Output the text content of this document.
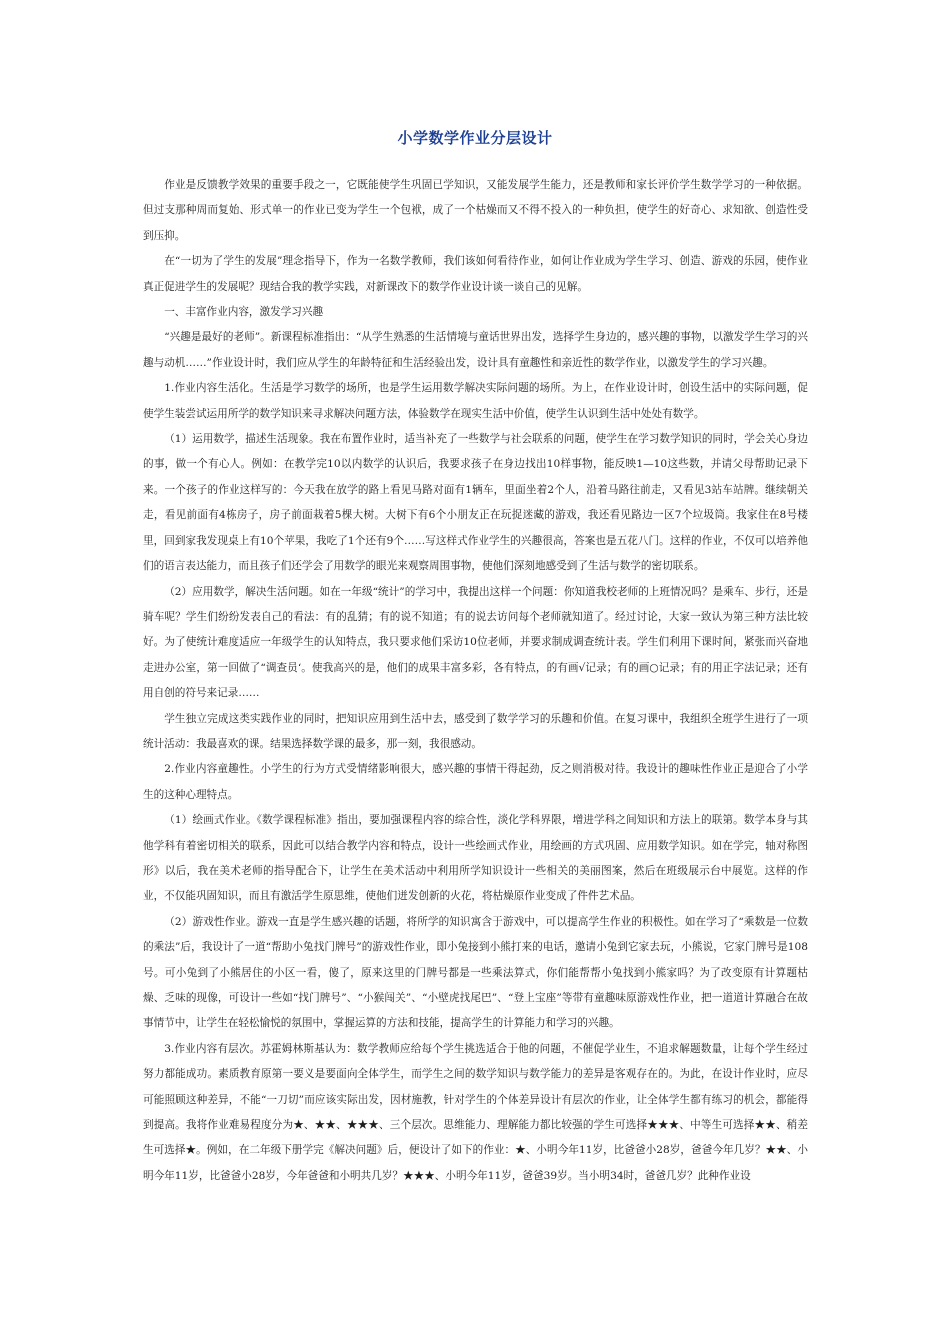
小学数学作业分层设计

作业是反馈教学效果的重要手段之一，它既能使学生巩固已学知识，又能发展学生能力，还是教师和家长评价学生数学学习的一种依据。但过支那种周而复始、形式单一的作业已变为学生一个包袱，成了一个枯燥而又不得不投入的一种负担，使学生的好奇心、求知欲、创造性受到压抑。

在“一切为了学生的发展”理念指导下，作为一名数学教师，我们该如何看待作业，如何让作业成为学生学习、创造、游戏的乐园，使作业真正促进学生的发展呢？现结合我的教学实践，对新课改下的数学作业设计谈一谈自己的见解。

一、丰富作业内容，激发学习兴趣

“兴趣是最好的老师”。新课程标准指出：“从学生熟悉的生活情境与童话世界出发，选择学生身边的，感兴趣的事物，以激发学生学习的兴趣与动机……”作业设计时，我们应从学生的年龄特征和生活经验出发，设计具有童趣性和亲近性的数学作业，以激发学生的学习兴趣。

1.作业内容生活化。生活是学习数学的场所，也是学生运用数学解决实际问题的场所。为上，在作业设计时，创设生活中的实际问题，促使学生装尝试运用所学的数学知识来寻求解决问题方法，体验数学在现实生活中价值，使学生认识到生活中处处有数学。

（1）运用数学，描述生活现象。我在布置作业时，适当补充了一些数学与社会联系的问题，使学生在学习数学知识的同时，学会关心身边的事，做一个有心人。例如：在教学完10以内数学的认识后，我要求孩子在身边找出10样事物，能反映1—10这些数，并请父母帮助记录下来。一个孩子的作业这样写的：今天我在放学的路上看见马路对面有1辆车，里面坐着2个人，沿着马路往前走，又看见3站车站牌。继续朝关走，看见前面有4栋房子，房子前面栽着5棵大树。大树下有6个小朋友正在玩捉迷藏的游戏，我还看见路边一区7个垃圾筒。我家住在8号楼里，回到家我发现桌上有10个苹果，我吃了1个还有9个……写这样式作业学生的兴趣很高，答案也是五花八门。这样的作业，不仅可以培养他们的语言表达能力，而且孩子们还学会了用数学的眼光来观察周围事物，使他们深刻地感受到了生活与数学的密切联系。

（2）应用数学，解决生活问题。如在一年级“统计”的学习中，我提出这样一个问题：你知道我校老师的上班情况吗？是乘车、步行，还是骑车呢？学生们纷纷发表自己的看法：有的乱猜；有的说不知道；有的说去访问每个老师就知道了。经过讨论，大家一致认为第三种方法比较好。为了使统计难度适应一年级学生的认知特点，我只要求他们采访10位老师，并要求制成调查统计表。学生们利用下课时间，紧张而兴奋地走进办公室，第一回做了“调查员‘。使我高兴的是，他们的成果丰富多彩，各有特点，的有画√记录；有的画○记录；有的用正字法记录；还有用自创的符号来记录……

学生独立完成这类实践作业的同时，把知识应用到生活中去，感受到了数学学习的乐趣和价值。在复习课中，我组织全班学生进行了一项统计活动：我最喜欢的课。结果选择数学课的最多，那一刻，我很感动。

2.作业内容童趣性。小学生的行为方式受情绪影响很大，感兴趣的事情干得起劲，反之则消极对待。我设计的趣味性作业正是迎合了小学生的这种心理特点。

（1）绘画式作业。《数学课程标准》指出，要加强课程内容的综合性，淡化学科界限，增进学科之间知识和方法上的联第。数学本身与其他学科有着密切相关的联系，因此可以结合教学内容和特点，设计一些绘画式作业，用绘画的方式巩固、应用数学知识。如在学完，轴对称图形》以后，我在美术老师的指导配合下，让学生在美术活动中利用所学知识设计一些相关的美丽图案，然后在班级展示台中展览。这样的作业，不仅能巩固知识，而且有激活学生原思维，使他们迸发创新的火花，将枯燥原作业变成了件件艺术品。

（2）游戏性作业。游戏一直是学生感兴趣的话题，将所学的知识寓含于游戏中，可以提高学生作业的积极性。如在学习了“乘数是一位数的乘法”后，我设计了一道“帮助小兔找门牌号”的游戏性作业，即小兔接到小熊打来的电话，邀请小兔到它家去玩，小熊说，它家门牌号是108号。可小兔到了小熊居住的小区一看，傻了，原来这里的门牌号都是一些乘法算式，你们能帮帮小兔找到小熊家吗？为了改变原有计算题枯燥、乏味的现像，可设计一些如“找门牌号”、“小猴闯关”、“小壁虎找尾巴”、“登上宝座”等带有童趣味原游戏性作业，把一道道计算融合在故事情节中，让学生在轻松愉悦的氛围中，掌握运算的方法和技能，提高学生的计算能力和学习的兴趣。

3.作业内容有层次。苏霍姆林斯基认为：数学教师应给每个学生挑选适合于他的问题，不催促学业生，不追求解题数量，让每个学生经过努力都能成功。素质教育原第一要义是要面向全体学生，而学生之间的数学知识与数学能力的差异是客观存在的。为此，在设计作业时，应尽可能照顾这种差异，不能“一刀切”而应该实际出发，因材施教，针对学生的个体差异设计有层次的作业，让全体学生都有练习的机会，都能得到提高。我将作业难易程度分为★、★★、★★★、三个层次。思维能力、理解能力都比较强的学生可选择★★★、中等生可选择★★、稍差生可选择★。例如，在二年级下册学完《解决问题》后，便设计了如下的作业：★、小明今年11岁，比爸爸小28岁，爸爸今年几岁？★★、小明今年11岁，比爸爸小28岁，今年爸爸和小明共几岁？★★★、小明今年11岁，爸爸39岁。当小明34时，爸爸几岁？此种作业设
